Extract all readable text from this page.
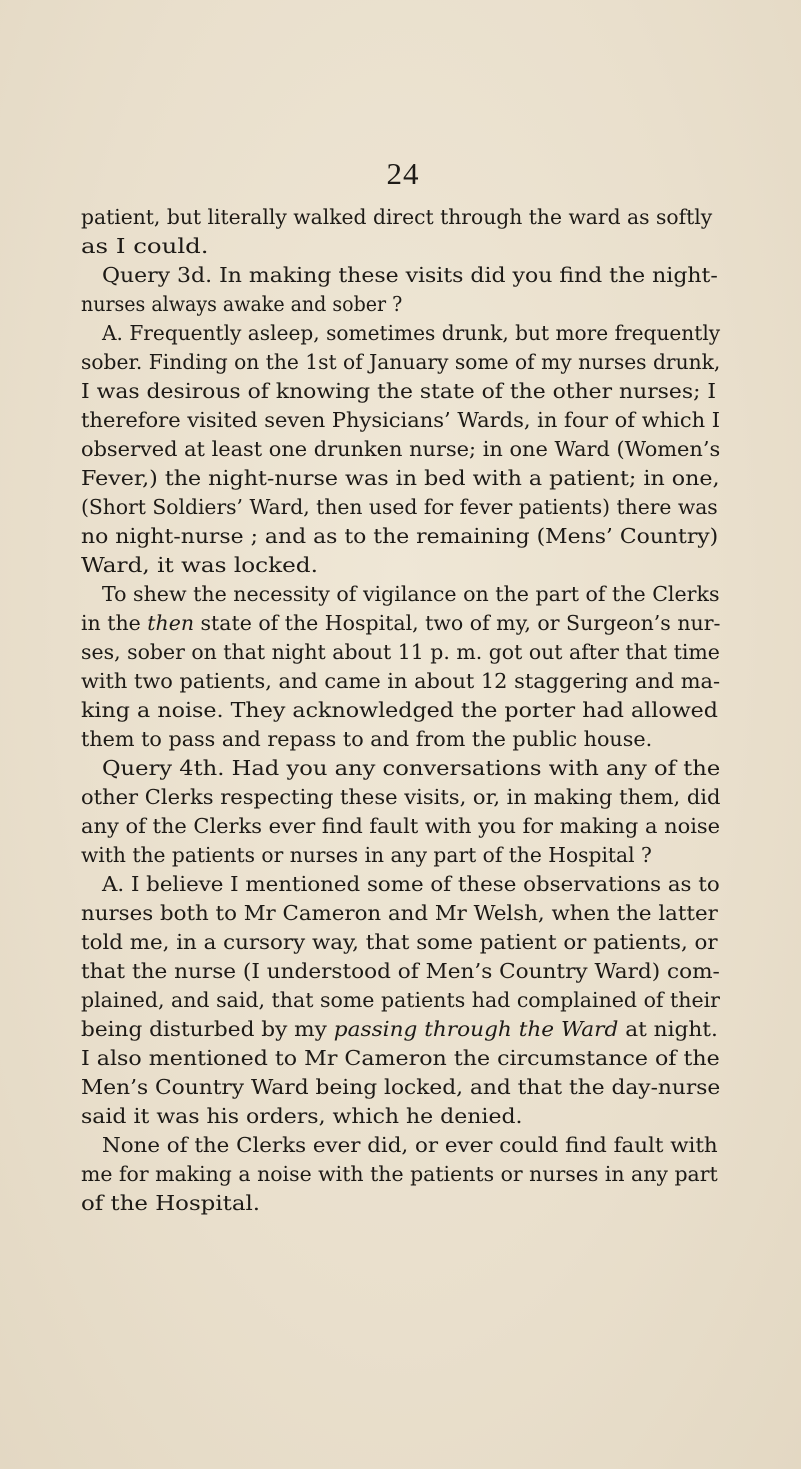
24
patient, but literally walked direct through the ward as softly
as I could.
Query 3d. In making these visits did you find the night-
nurses always awake and sober ?
A. Frequently asleep, sometimes drunk, but more frequently
sober. Finding on the 1st of January some of my nurses drunk,
I was desirous of knowing the state of the other nurses; I
therefore visited seven Physicians’ Wards, in four of which I
observed at least one drunken nurse; in one Ward (Women’s
Fever,) the night-nurse was in bed with a patient; in one,
(Short Soldiers’ Ward, then used for fever patients) there was
no night-nurse ; and as to the remaining (Mens’ Country)
Ward, it was locked.
To shew the necessity of vigilance on the part of the Clerks
in the then state of the Hospital, two of my, or Surgeon’s nur-
ses, sober on that night about 11 p. m. got out after that time
with two patients, and came in about 12 staggering and ma-
king a noise. They acknowledged the porter had allowed
them to pass and repass to and from the public house.
Query 4th. Had you any conversations with any of the
other Clerks respecting these visits, or, in making them, did
any of the Clerks ever find fault with you for making a noise
with the patients or nurses in any part of the Hospital ?
A. I believe I mentioned some of these observations as to
nurses both to Mr Cameron and Mr Welsh, when the latter
told me, in a cursory way, that some patient or patients, or
that the nurse (I understood of Men’s Country Ward) com-
plained, and said, that some patients had complained of their
being disturbed by my passing through the Ward at night.
I also mentioned to Mr Cameron the circumstance of the
Men’s Country Ward being locked, and that the day-nurse
said it was his orders, which he denied.
None of the Clerks ever did, or ever could find fault with
me for making a noise with the patients or nurses in any part
of the Hospital.
